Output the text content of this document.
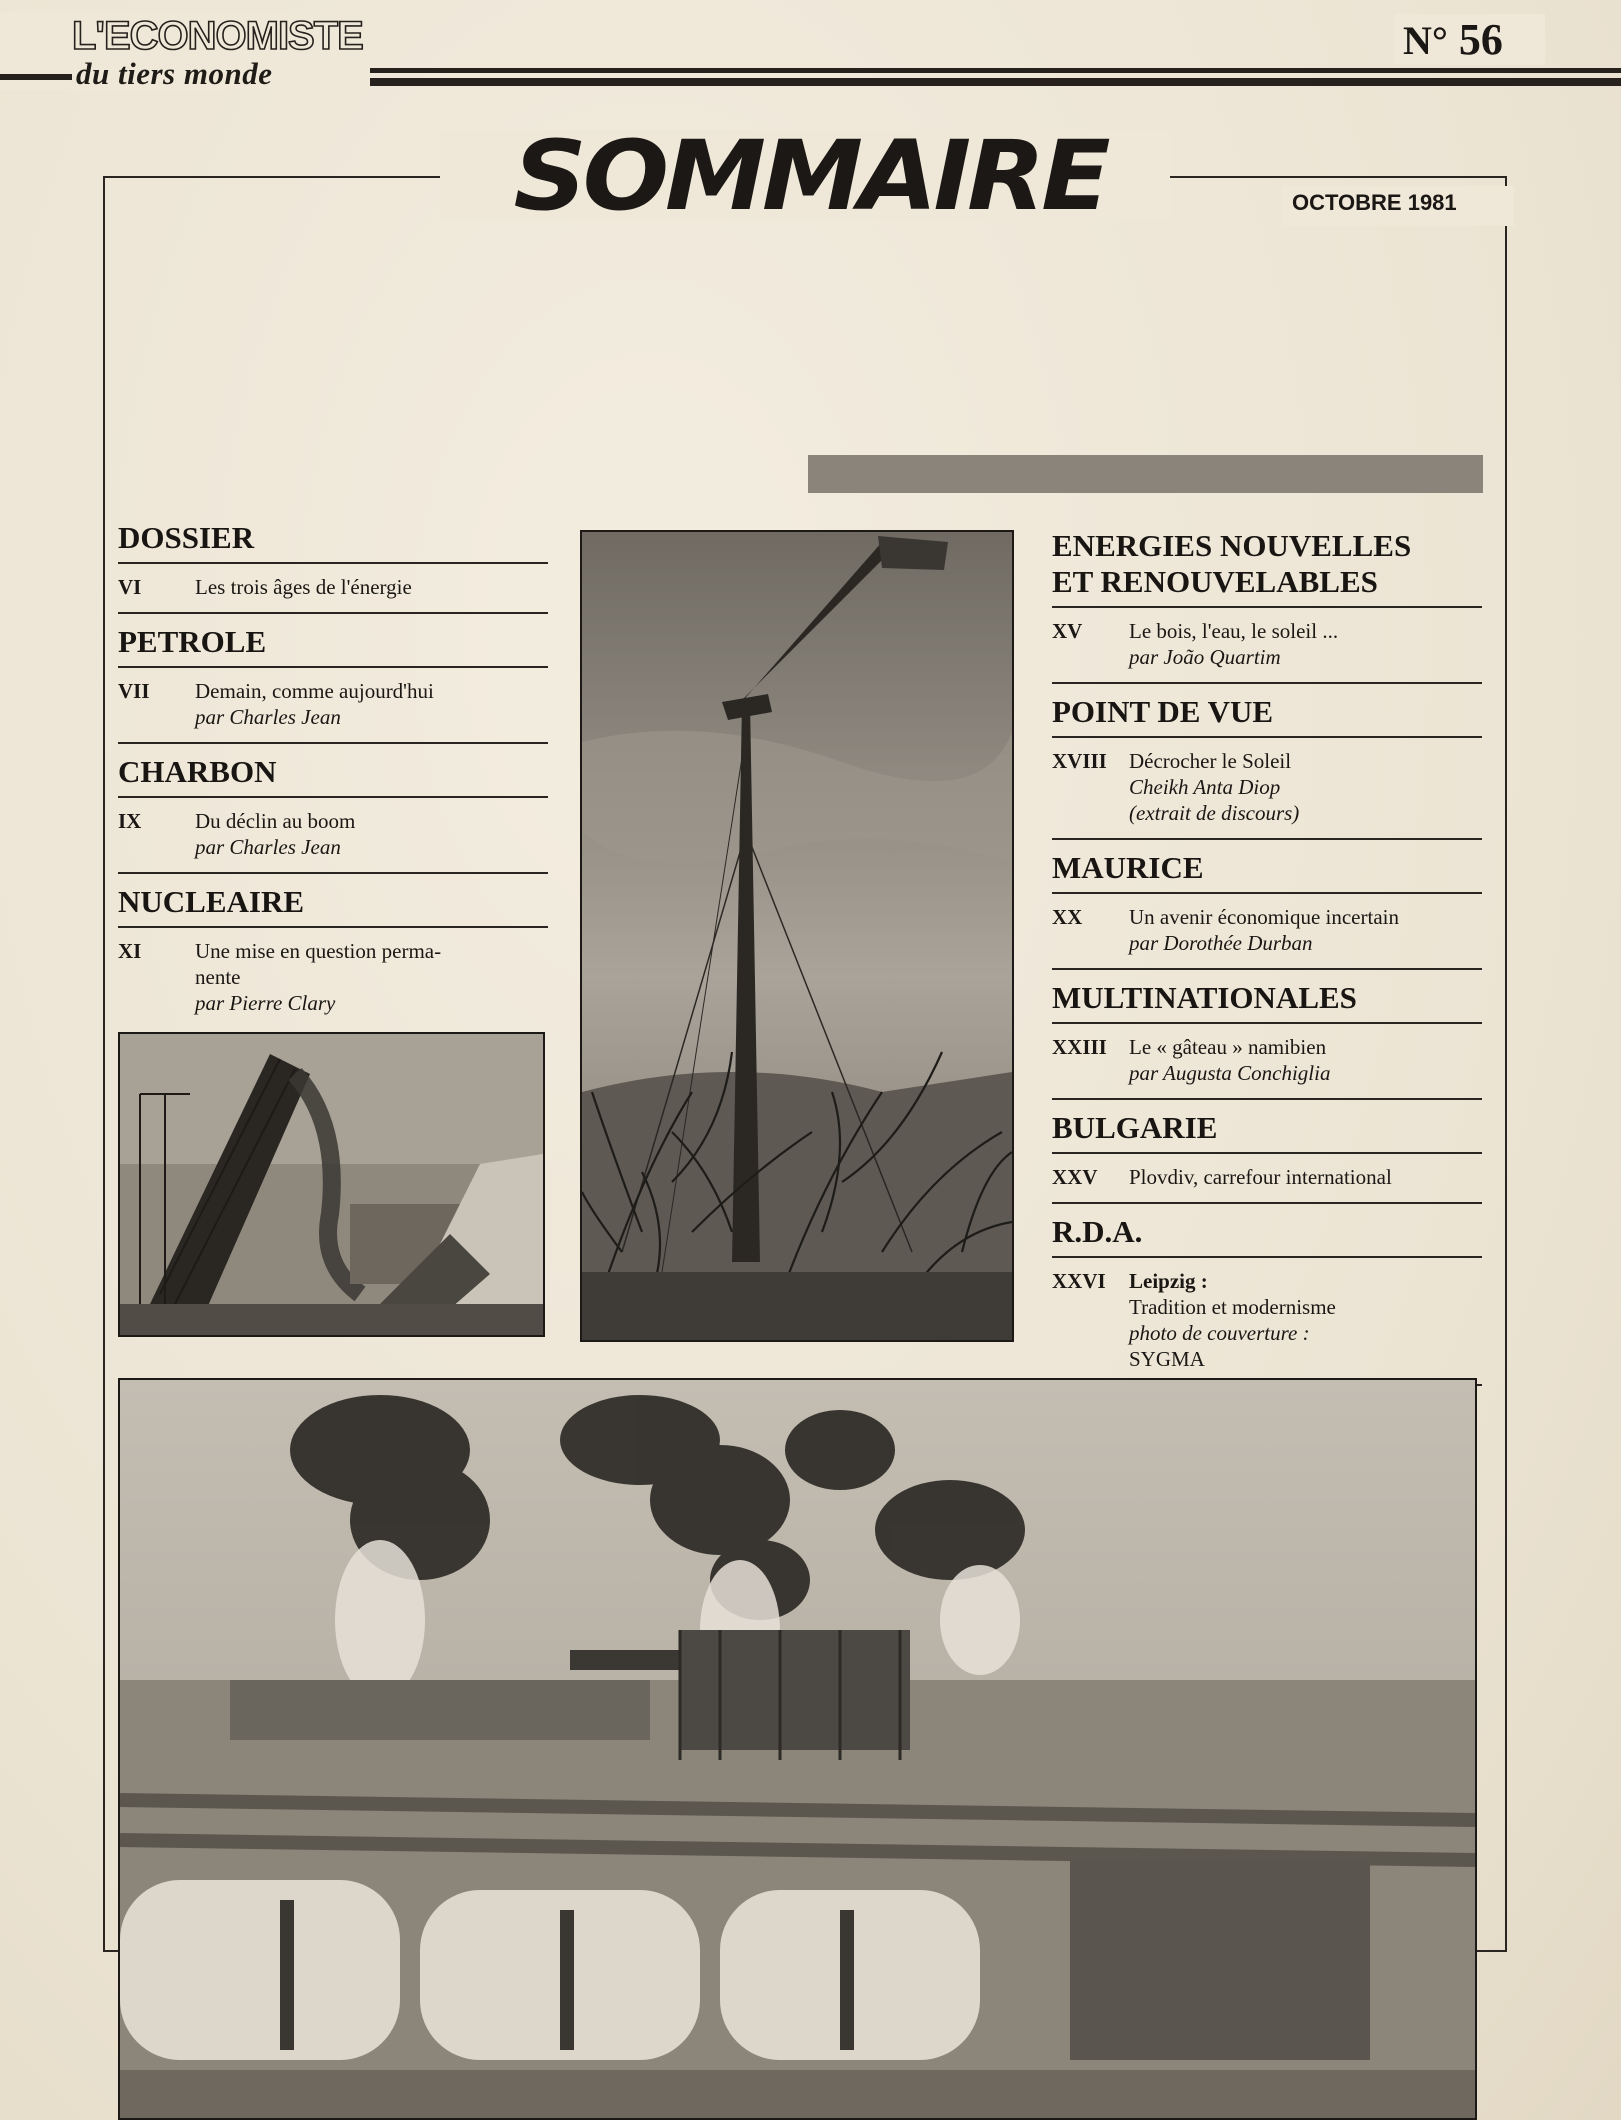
L'ECONOMISTE
du tiers monde
N° 56
SOMMAIRE	OCTOBRE 1981
DOSSIER
VI	Les trois âges de l'énergie
PETROLE
VII	Demain, comme aujourd'hui
par Charles Jean
CHARBON
IX	Du déclin au boom
par Charles Jean
NUCLEAIRE
XI	Une mise en question perma-
nente
par Pierre Clary
ENERGIES NOUVELLES
ET RENOUVELABLES
XV	Le bois, l'eau, le soleil ...
par João Quartim
POINT DE VUE
XVIII	Décrocher le Soleil
Cheikh Anta Diop
(extrait de discours)
MAURICE
XX	Un avenir économique incertain
par Dorothée Durban
MULTINATIONALES
XXIII	Le « gâteau » namibien
par Augusta Conchiglia
BULGARIE
XXV	Plovdiv, carrefour international
R.D.A.
XXVI	Leipzig :
Tradition et modernisme
photo de couverture :
SYGMA
